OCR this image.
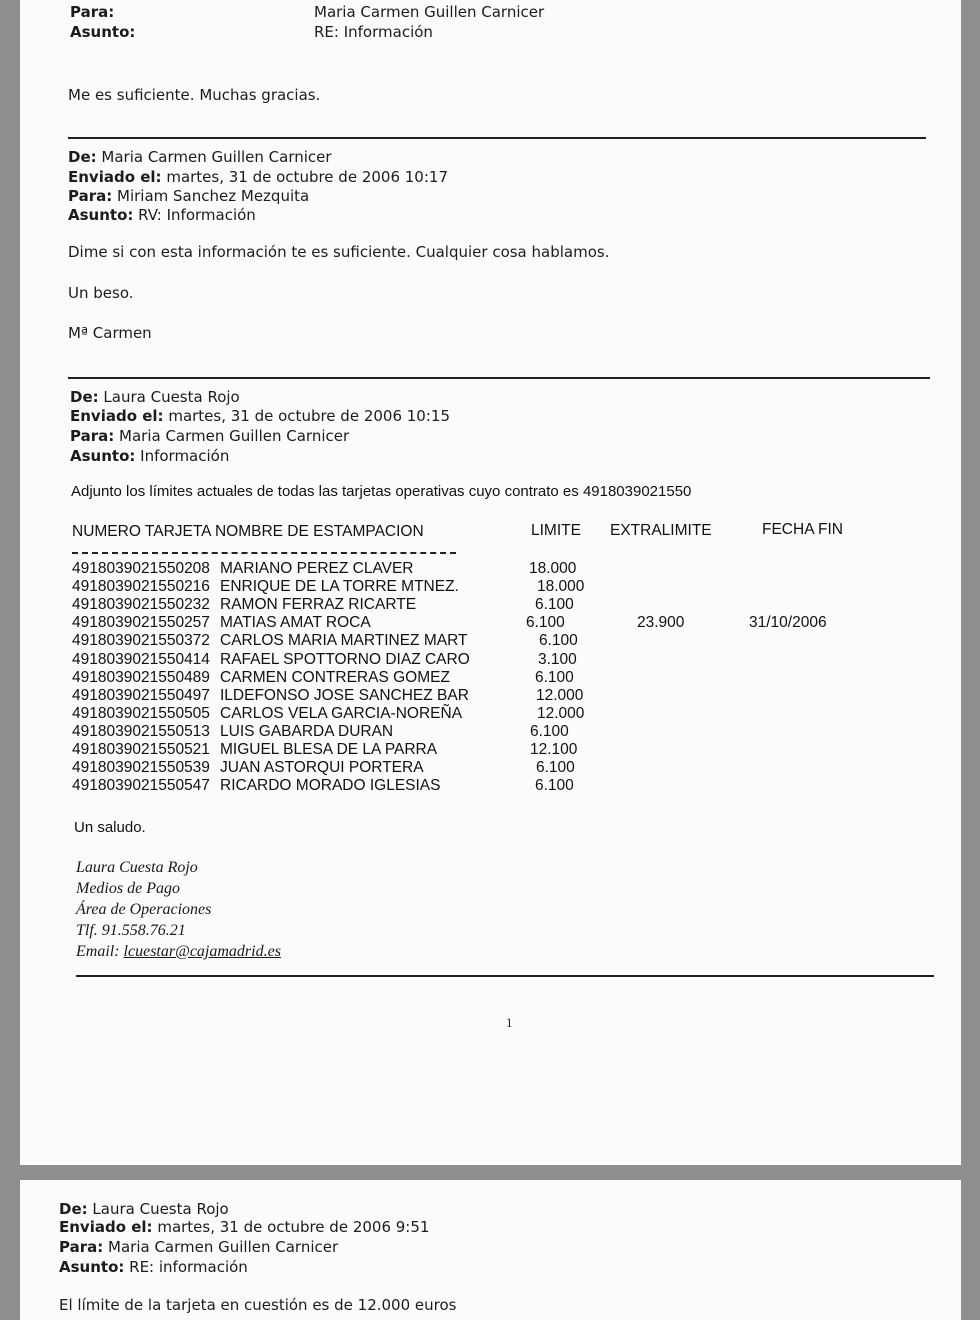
Para:	Maria Carmen Guillen Carnicer
Asunto:	RE: Información
Me es suficiente. Muchas gracias.
De: Maria Carmen Guillen Carnicer
Enviado el: martes, 31 de octubre de 2006 10:17
Para: Miriam Sanchez Mezquita
Asunto: RV: Información
Dime si con esta información te es suficiente. Cualquier cosa hablamos.
Un beso.
Mª Carmen
De: Laura Cuesta Rojo
Enviado el: martes, 31 de octubre de 2006 10:15
Para: Maria Carmen Guillen Carnicer
Asunto: Información
Adjunto los límites actuales de todas las tarjetas operativas cuyo contrato es 4918039021550
NUMERO TARJETA NOMBRE DE ESTAMPACION	LIMITE EXTRALIMITE	FECHA FIN
4918039021550208 MARIANO PEREZ CLAVER	18.000
4918039021550216 ENRIQUE DE LA TORRE MTNEZ.	18.000
4918039021550232 RAMON FERRAZ RICARTE	6.100
4918039021550257 MATIAS AMAT ROCA	6.100	23.900	31/10/2006
4918039021550372 CARLOS MARIA MARTINEZ MART	6.100
4918039021550414 RAFAEL SPOTTORNO DIAZ CARO	3.100
4918039021550489 CARMEN CONTRERAS GOMEZ	6.100
4918039021550497 ILDEFONSO JOSE SANCHEZ BAR	12.000
4918039021550505 CARLOS VELA GARCIA-NOREÑA	12.000
4918039021550513 LUIS GABARDA DURAN	6.100
4918039021550521 MIGUEL BLESA DE LA PARRA	12.100
4918039021550539 JUAN ASTORQUI PORTERA	6.100
4918039021550547 RICARDO MORADO IGLESIAS	6.100
Un saludo.
Laura Cuesta Rojo
Medios de Pago
Área de Operaciones
Tlf. 91.558.76.21
Email: lcuestar@cajamadrid.es
1
De: Laura Cuesta Rojo
Enviado el: martes, 31 de octubre de 2006 9:51
Para: Maria Carmen Guillen Carnicer
Asunto: RE: información
El límite de la tarjeta en cuestión es de 12.000 euros
